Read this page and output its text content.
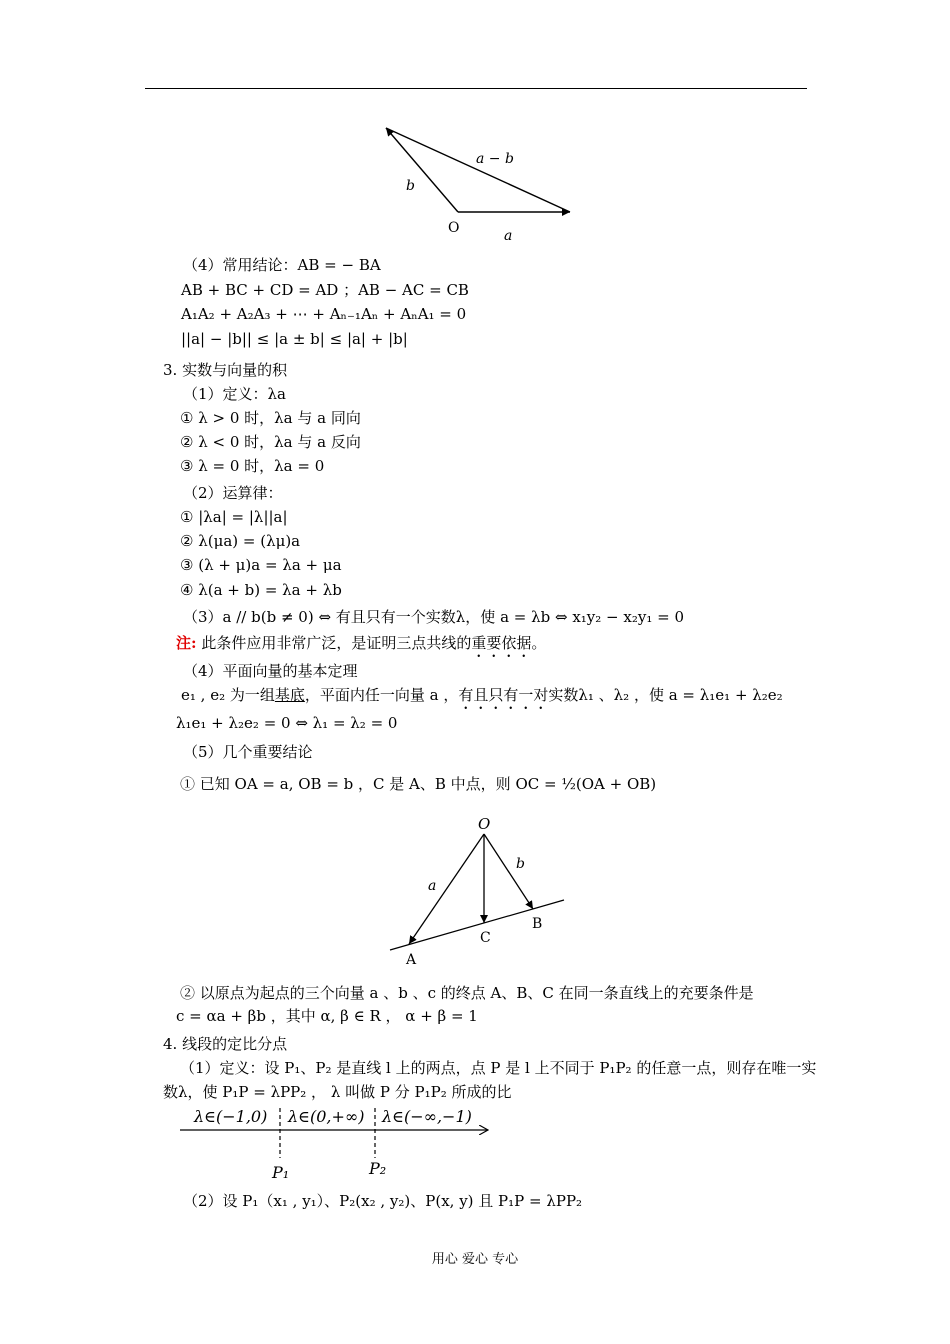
O	a
b
a − b
（4）常用结论：AB = − BA
AB + BC + CD = AD ；AB − AC = CB
A₁A₂ + A₂A₃ + ⋯ + Aₙ₋₁Aₙ + AₙA₁ = 0
||a| − |b|| ≤ |a ± b| ≤ |a| + |b|
3. 实数与向量的积
（1）定义：λa
① λ > 0 时，λa 与 a 同向
② λ < 0 时，λa 与 a 反向
③ λ = 0 时，λa = 0
（2）运算律：
① |λa| = |λ||a|
② λ(μa) = (λμ)a
③ (λ + μ)a = λa + μa
④ λ(a + b) = λa + λb
（3）a // b(b ≠ 0) ⇔ 有且只有一个实数λ，使 a = λb ⇔ x₁y₂ − x₂y₁ = 0
注: 此条件应用非常广泛，是证明三点共线的重要依据。
（4）平面向量的基本定理
e₁ , e₂ 为一组基底，平面内任一向量 a ，有且只有一对实数λ₁ 、λ₂ ，使 a = λ₁e₁ + λ₂e₂
λ₁e₁ + λ₂e₂ = 0 ⇔ λ₁ = λ₂ = 0
（5）几个重要结论
① 已知 OA = a, OB = b ，C 是 A、B 中点，则 OC = ½(OA + OB)
O
a
b
A
B
C
② 以原点为起点的三个向量 a 、b 、c 的终点 A、B、C 在同一条直线上的充要条件是
c = αa + βb ，其中 α, β ∈ R ， α + β = 1
4. 线段的定比分点
（1）定义：设 P₁、P₂ 是直线 l 上的两点，点 P 是 l 上不同于 P₁P₂ 的任意一点，则存在唯一实
数λ，使 P₁P = λPP₂ ， λ 叫做 P 分 P₁P₂ 所成的比
λ∈(−1,0) λ∈(0,+∞) λ∈(−∞,−1)
P₁	P₂
（2）设 P₁（x₁ , y₁）、P₂(x₂ , y₂)、P(x, y) 且 P₁P = λPP₂
用心 爱心 专心
